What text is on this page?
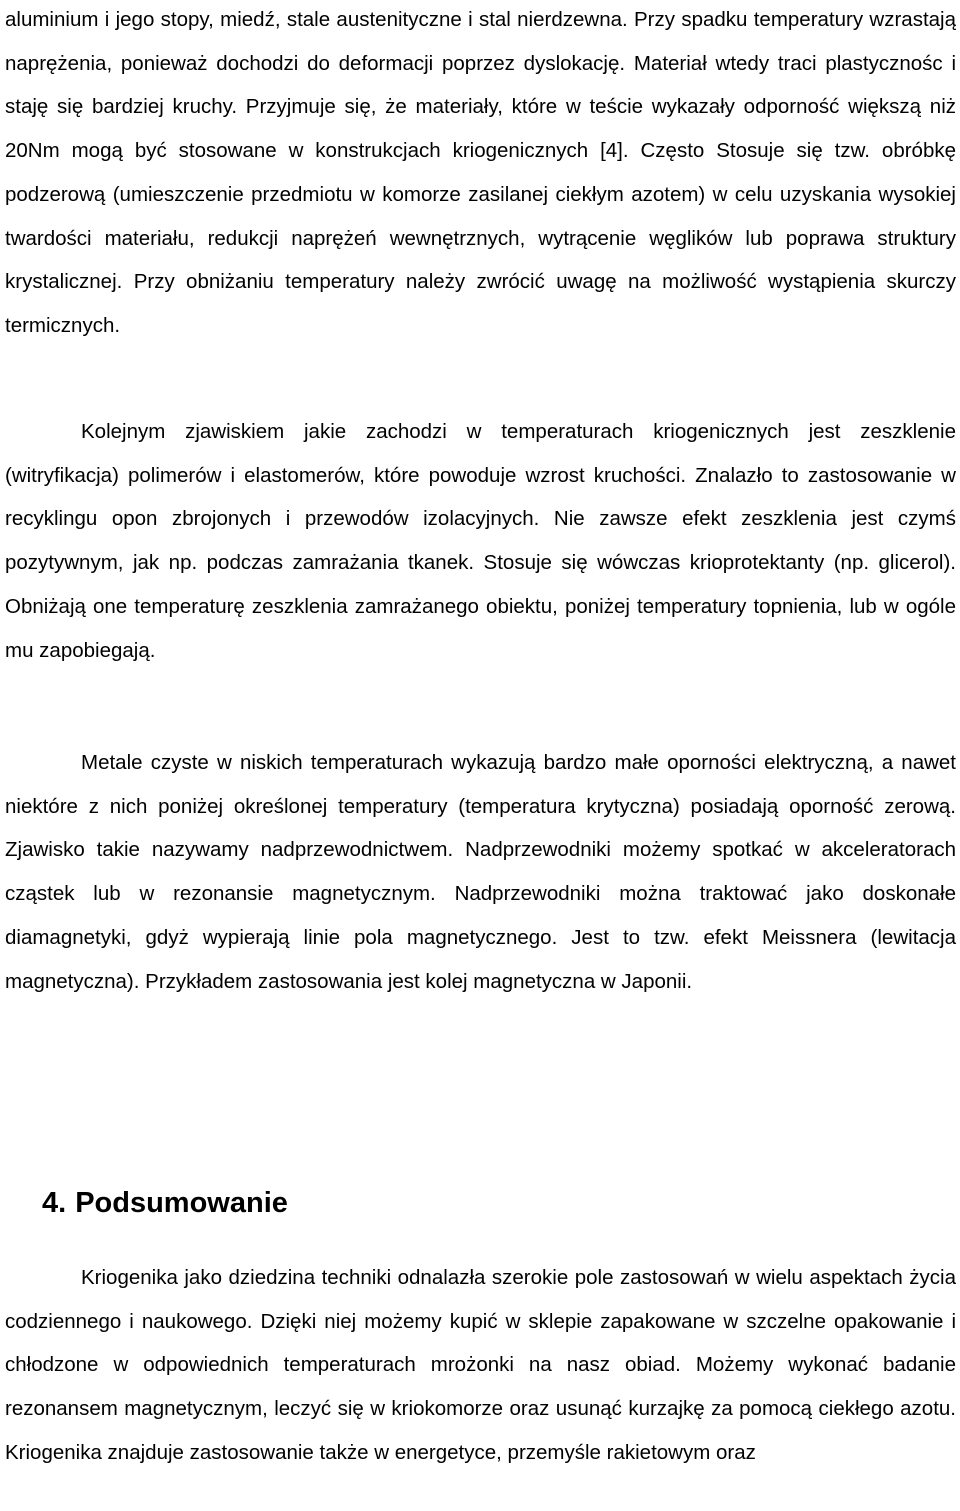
aluminium i jego stopy, miedź, stale austenityczne i stal nierdzewna. Przy spadku temperatury wzrastają naprężenia, ponieważ dochodzi do deformacji poprzez dyslokację. Materiał wtedy traci plastycznośc i staję się bardziej kruchy. Przyjmuje się, że materiały, które w teście wykazały odporność większą niż 20Nm mogą być stosowane w konstrukcjach kriogenicznych [4]. Często Stosuje się tzw. obróbkę podzerową (umieszczenie przedmiotu w komorze zasilanej ciekłym azotem) w celu uzyskania wysokiej twardości materiału, redukcji naprężeń wewnętrznych, wytrącenie węglików lub poprawa struktury krystalicznej. Przy obniżaniu temperatury należy zwrócić uwagę na możliwość wystąpienia skurczy termicznych.

Kolejnym zjawiskiem jakie zachodzi w temperaturach kriogenicznych jest zeszklenie (witryfikacja) polimerów i elastomerów, które powoduje wzrost kruchości. Znalazło to zastosowanie w recyklingu opon zbrojonych i przewodów izolacyjnych. Nie zawsze efekt zeszklenia jest czymś pozytywnym, jak np. podczas zamrażania tkanek. Stosuje się wówczas krioprotektanty (np. glicerol). Obniżają one temperaturę zeszklenia zamrażanego obiektu, poniżej temperatury topnienia, lub w ogóle mu zapobiegają.

Metale czyste w niskich temperaturach wykazują bardzo małe oporności elektryczną, a nawet niektóre z nich poniżej określonej temperatury (temperatura krytyczna) posiadają oporność zerową. Zjawisko takie nazywamy nadprzewodnictwem. Nadprzewodniki możemy spotkać w akceleratorach cząstek lub w rezonansie magnetycznym. Nadprzewodniki można traktować jako doskonałe diamagnetyki, gdyż wypierają linie pola magnetycznego. Jest to tzw. efekt Meissnera (lewitacja magnetyczna). Przykładem zastosowania jest kolej magnetyczna w Japonii.

4. Podsumowanie

Kriogenika jako dziedzina techniki odnalazła szerokie pole zastosowań w wielu aspektach życia codziennego i naukowego. Dzięki niej możemy kupić w sklepie zapakowane w szczelne opakowanie i chłodzone w odpowiednich temperaturach mrożonki na nasz obiad. Możemy wykonać badanie rezonansem magnetycznym, leczyć się w kriokomorze oraz usunąć kurzajkę za pomocą ciekłego azotu. Kriogenika znajduje zastosowanie także w energetyce, przemyśle rakietowym oraz
